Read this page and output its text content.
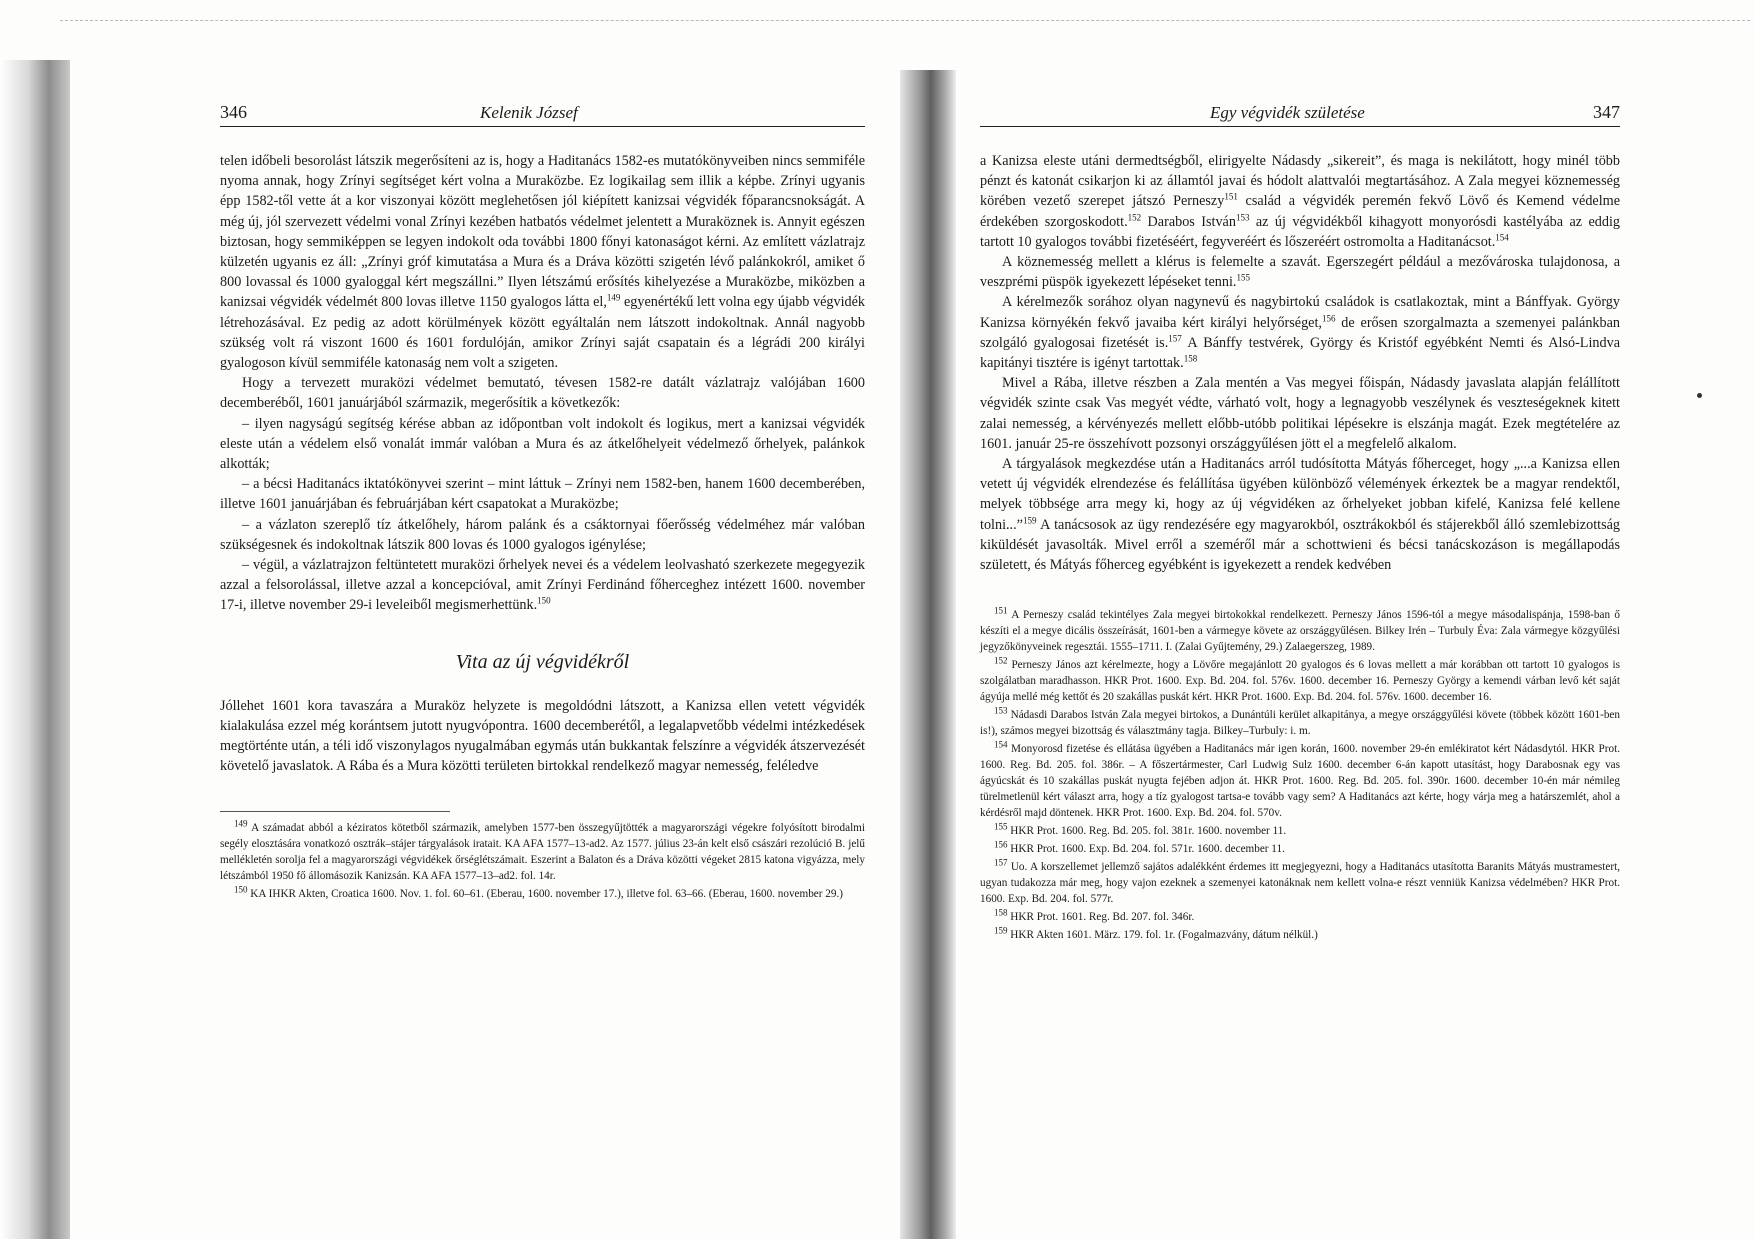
346	Kelenik József

telen időbeli besorolást látszik megerősíteni az is, hogy a Haditanács 1582-es mutatókönyveiben nincs semmiféle nyoma annak, hogy Zrínyi segítséget kért volna a Muraközbe. Ez logikailag sem illik a képbe. Zrínyi ugyanis épp 1582-től vette át a kor viszonyai között meglehetősen jól kiépített kanizsai végvidék főparancsnokságát. A még új, jól szervezett védelmi vonal Zrínyi kezében hatbatós védelmet jelentett a Muraköznek is. Annyit egészen biztosan, hogy semmiképpen se legyen indokolt oda további 1800 főnyi katonaságot kérni. Az említett vázlatrajz külzetén ugyanis ez áll: „Zrínyi gróf kimutatása a Mura és a Dráva közötti szigetén lévő palánkokról, amiket ő 800 lovassal és 1000 gyaloggal kért megszállni.” Ilyen létszámú erősítés kihelyezése a Muraközbe, miközben a kanizsai végvidék védelmét 800 lovas illetve 1150 gyalogos látta el,$^{149}$ egyenértékű lett volna egy újabb végvidék létrehozásával. Ez pedig az adott körülmények között egyáltalán nem látszott indokoltnak. Annál nagyobb szükség volt rá viszont 1600 és 1601 fordulóján, amikor Zrínyi saját csapatain és a légrádi 200 királyi gyalogoson kívül semmiféle katonaság nem volt a szigeten.

Hogy a tervezett muraközi védelmet bemutató, tévesen 1582-re datált vázlatrajz valójában 1600 decemberéből, 1601 januárjából származik, megerősítik a következők:

– ilyen nagyságú segítség kérése abban az időpontban volt indokolt és logikus, mert a kanizsai végvidék eleste után a védelem első vonalát immár valóban a Mura és az átkelőhelyeit védelmező őrhelyek, palánkok alkották;

– a bécsi Haditanács iktatókönyvei szerint – mint láttuk – Zrínyi nem 1582-ben, hanem 1600 decemberében, illetve 1601 januárjában és februárjában kért csapatokat a Muraközbe;

– a vázlaton szereplő tíz átkelőhely, három palánk és a csáktornyai főerősség védelméhez már valóban szükségesnek és indokoltnak látszik 800 lovas és 1000 gyalogos igénylése;

– végül, a vázlatrajzon feltüntetett muraközi őrhelyek nevei és a védelem leolvasható szerkezete megegyezik azzal a felsorolással, illetve azzal a koncepcióval, amit Zrínyi Ferdinánd főherceghez intézett 1600. november 17-i, illetve november 29-i leveleiből megismerhettünk.$^{150}$

Vita az új végvidékről

Jóllehet 1601 kora tavaszára a Muraköz helyzete is megoldódni látszott, a Kanizsa ellen vetett végvidék kialakulása ezzel még korántsem jutott nyugvópontra. 1600 decemberétől, a legalapvetőbb védelmi intézkedések megtörténte után, a téli idő viszonylagos nyugalmában egymás után bukkantak felszínre a végvidék átszervezését követelő javaslatok. A Rába és a Mura közötti területen birtokkal rendelkező magyar nemesség, feléledve

$^{149}$ A számadat abból a kéziratos kötetből származik, amelyben 1577-ben összegyűjtötték a magyarországi végekre folyósított birodalmi segély elosztására vonatkozó osztrák–stájer tárgyalások iratait. KA AFA 1577–13-ad2. Az 1577. július 23-án kelt első császári rezolúció B. jelű mellékletén sorolja fel a magyarországi végvidékek őrséglétszámait. Eszerint a Balaton és a Dráva közötti végeket 2815 katona vigyázza, mely létszámból 1950 fő állomásozik Kanizsán. KA AFA 1577–13–ad2. fol. 14r.

$^{150}$ KA IHKR Akten, Croatica 1600. Nov. 1. fol. 60–61. (Eberau, 1600. november 17.), illetve fol. 63–66. (Eberau, 1600. november 29.)

Egy végvidék születése	347

a Kanizsa eleste utáni dermedtségből, elirigyelte Nádasdy „sikereit”, és maga is nekilátott, hogy minél több pénzt és katonát csikarjon ki az államtól javai és hódolt alattvalói megtartásához. A Zala megyei köznemesség körében vezető szerepet játszó Perneszy$^{151}$ család a végvidék peremén fekvő Lövő és Kemend védelme érdekében szorgoskodott.$^{152}$ Darabos István$^{153}$ az új végvidékből kihagyott monyorósdi kastélyába az eddig tartott 10 gyalogos további fizetéséért, fegyveréért és lőszeréért ostromolta a Haditanácsot.$^{154}$

A köznemesség mellett a klérus is felemelte a szavát. Egerszegért például a mezővároska tulajdonosa, a veszprémi püspök igyekezett lépéseket tenni.$^{155}$

A kérelmezők sorához olyan nagynevű és nagybirtokú családok is csatlakoztak, mint a Bánffyak. György Kanizsa környékén fekvő javaiba kért királyi helyőrséget,$^{156}$ de erősen szorgalmazta a szemenyei palánkban szolgáló gyalogosai fizetését is.$^{157}$ A Bánffy testvérek, György és Kristóf egyébként Nemti és Alsó-Lindva kapitányi tisztére is igényt tartottak.$^{158}$

Mivel a Rába, illetve részben a Zala mentén a Vas megyei főispán, Nádasdy javaslata alapján felállított végvidék szinte csak Vas megyét védte, várható volt, hogy a legnagyobb veszélynek és veszteségeknek kitett zalai nemesség, a kérvényezés mellett előbb-utóbb politikai lépésekre is elszánja magát. Ezek megtételére az 1601. január 25-re összehívott pozsonyi országgyűlésen jött el a megfelelő alkalom.

A tárgyalások megkezdése után a Haditanács arról tudósította Mátyás főherceget, hogy „...a Kanizsa ellen vetett új végvidék elrendezése és felállítása ügyében különböző vélemények érkeztek be a magyar rendektől, melyek többsége arra megy ki, hogy az új végvidéken az őrhelyeket jobban kifelé, Kanizsa felé kellene tolni...”$^{159}$ A tanácsosok az ügy rendezésére egy magyarokból, osztrákokból és stájerekből álló szemlebizottság kiküldését javasolták. Mivel erről a szeméről már a schottwieni és bécsi tanácskozáson is megállapodás született, és Mátyás főherceg egyébként is igyekezett a rendek kedvében

$^{151}$ A Perneszy család tekintélyes Zala megyei birtokokkal rendelkezett. Perneszy János 1596-tól a megye másodalispánja, 1598-ban ő készíti el a megye dicális összeírását, 1601-ben a vármegye követe az országgyűlésen. Bilkey Irén – Turbuly Éva: Zala vármegye közgyűlési jegyzőkönyveinek regesztái. 1555–1711. I. (Zalai Gyűjtemény, 29.) Zalaegerszeg, 1989.

$^{152}$ Perneszy János azt kérelmezte, hogy a Lövőre megajánlott 20 gyalogos és 6 lovas mellett a már korábban ott tartott 10 gyalogos is szolgálatban maradhasson. HKR Prot. 1600. Exp. Bd. 204. fol. 576v. 1600. december 16. Perneszy György a kemendi várban levő két saját ágyúja mellé még kettőt és 20 szakállas puskát kért. HKR Prot. 1600. Exp. Bd. 204. fol. 576v. 1600. december 16.

$^{153}$ Nádasdi Darabos István Zala megyei birtokos, a Dunántúli kerület alkapitánya, a megye országgyűlési követe (többek között 1601-ben is!), számos megyei bizottság és választmány tagja. Bilkey–Turbuly: i. m.

$^{154}$ Monyorosd fizetése és ellátása ügyében a Haditanács már igen korán, 1600. november 29-én emlékiratot kért Nádasdytól. HKR Prot. 1600. Reg. Bd. 205. fol. 386r. – A főszertármester, Carl Ludwig Sulz 1600. december 6-án kapott utasítást, hogy Darabosnak egy vas ágyúcskát és 10 szakállas puskát nyugta fejében adjon át. HKR Prot. 1600. Reg. Bd. 205. fol. 390r. 1600. december 10-én már némileg türelmetlenül kért választ arra, hogy a tíz gyalogost tartsa-e tovább vagy sem? A Haditanács azt kérte, hogy várja meg a határszemlét, ahol a kérdésről majd döntenek. HKR Prot. 1600. Exp. Bd. 204. fol. 570v.

$^{155}$ HKR Prot. 1600. Reg. Bd. 205. fol. 381r. 1600. november 11.

$^{156}$ HKR Prot. 1600. Exp. Bd. 204. fol. 571r. 1600. december 11.

$^{157}$ Uo. A korszellemet jellemző sajátos adalékként érdemes itt megjegyezni, hogy a Haditanács utasította Baranits Mátyás mustramestert, ugyan tudakozza már meg, hogy vajon ezeknek a szemenyei katonáknak nem kellett volna-e részt venniük Kanizsa védelmében? HKR Prot. 1600. Exp. Bd. 204. fol. 577r.

$^{158}$ HKR Prot. 1601. Reg. Bd. 207. fol. 346r.

$^{159}$ HKR Akten 1601. März. 179. fol. 1r. (Fogalmazvány, dátum nélkül.)
